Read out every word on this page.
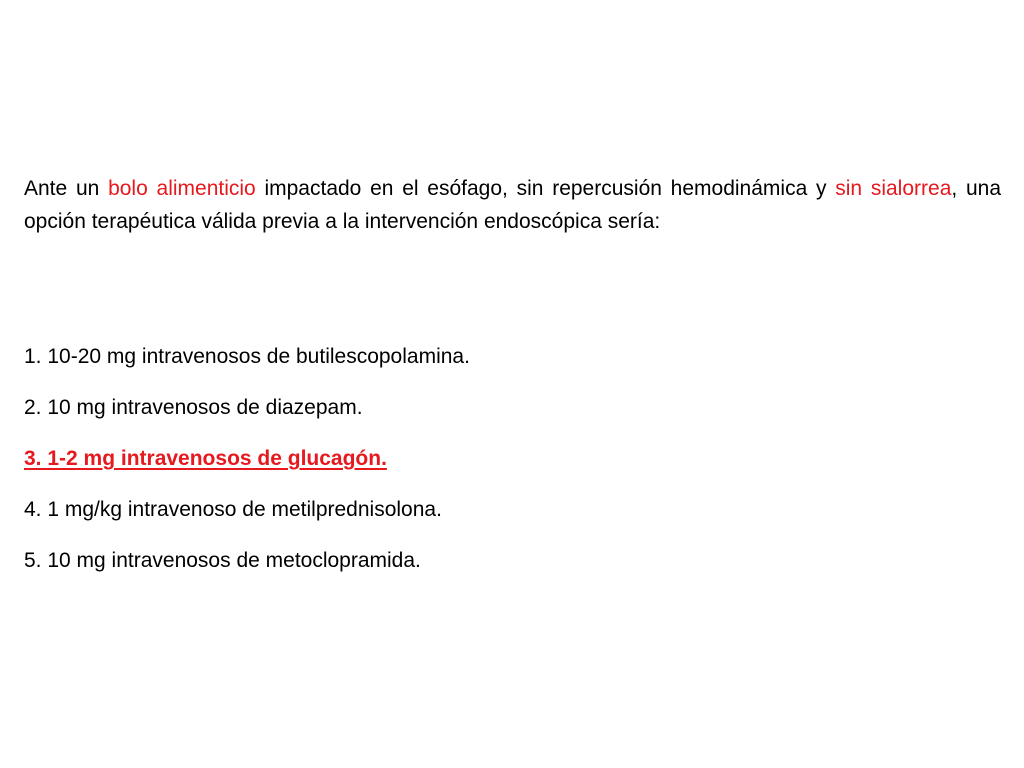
Ante un bolo alimenticio impactado en el esófago, sin repercusión hemodinámica y sin sialorrea, una opción terapéutica válida previa a la intervención endoscópica sería:

1. 10-20 mg intravenosos de butilescopolamina.
2. 10 mg intravenosos de diazepam.
3. 1-2 mg intravenosos de glucagón.
4. 1 mg/kg intravenoso de metilprednisolona.
5. 10 mg intravenosos de metoclopramida.
